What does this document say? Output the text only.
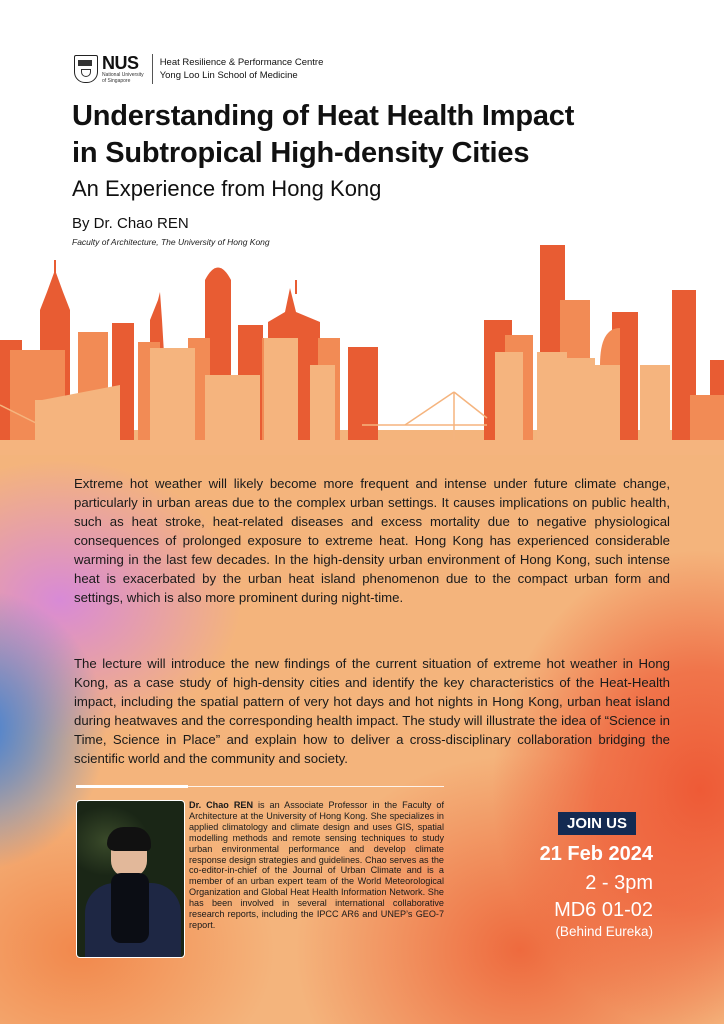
NUS
National University
of Singapore
Heat Resilience & Performance Centre
Yong Loo Lin School of Medicine
Understanding of Heat Health Impact
in Subtropical High-density Cities
An Experience from Hong Kong
By Dr. Chao REN
Faculty of Architecture, The University of Hong Kong

Extreme hot weather will likely become more frequent and intense under future climate change, particularly in urban areas due to the complex urban settings. It causes implications on public health, such as heat stroke, heat-related diseases and excess mortality due to negative physiological consequences of prolonged exposure to extreme heat. Hong Kong has experienced considerable warming in the last few decades. In the high-density urban environment of Hong Kong, such intense heat is exacerbated by the urban heat island phenomenon due to the compact urban form and settings, which is also more prominent during night-time.

The lecture will introduce the new findings of the current situation of extreme hot weather in Hong Kong, as a case study of high-density cities and identify the key characteristics of the Heat-Health impact, including the spatial pattern of very hot days and hot nights in Hong Kong, urban heat island during heatwaves and the corresponding health impact. The study will illustrate the idea of “Science in Time, Science in Place” and explain how to deliver a cross-disciplinary collaboration bridging the scientific world and the community and society.

Dr. Chao REN is an Associate Professor in the Faculty of Architecture at the University of Hong Kong. She specializes in applied climatology and climate design and uses GIS, spatial modelling methods and remote sensing techniques to study urban environmental performance and develop climate response design strategies and guidelines. Chao serves as the co-editor-in-chief of the Journal of Urban Climate and is a member of an urban expert team of the World Meteorological Organization and Global Heat Health Information Network. She has been involved in several international collaborative research reports, including the IPCC AR6 and UNEP’s GEO-7 report.
JOIN US
21 Feb 2024
2 - 3pm
MD6 01-02
(Behind Eureka)
